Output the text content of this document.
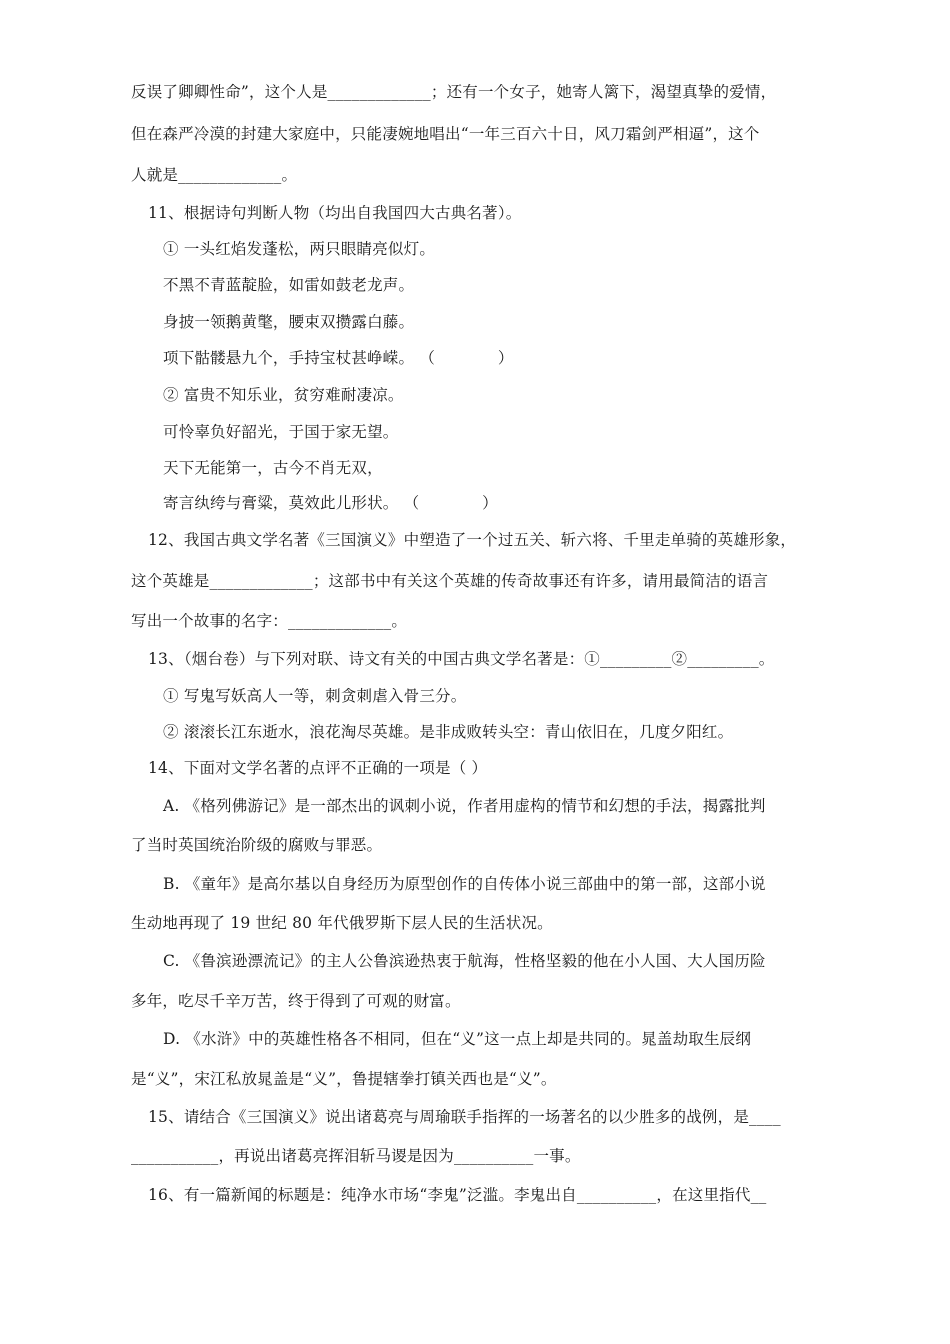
反误了卿卿性命”，这个人是_____________；还有一个女子，她寄人篱下，渴望真挚的爱情，
但在森严冷漠的封建大家庭中，只能凄婉地唱出“一年三百六十日，风刀霜剑严相逼”，这个
人就是_____________。
11、根据诗句判断人物（均出自我国四大古典名著）。
① 一头红焰发蓬松，两只眼睛亮似灯。
不黑不青蓝靛脸，如雷如鼓老龙声。
身披一领鹅黄氅，腰束双攒露白藤。
项下骷髅悬九个，手持宝杖甚峥嵘。 （　　　　）
② 富贵不知乐业，贫穷难耐凄凉。
可怜辜负好韶光，于国于家无望。
天下无能第一，古今不肖无双，
寄言纨绔与膏粱，莫效此儿形状。 （　　　　）
12、我国古典文学名著《三国演义》中塑造了一个过五关、斩六将、千里走单骑的英雄形象，
这个英雄是_____________；这部书中有关这个英雄的传奇故事还有许多，请用最简洁的语言
写出一个故事的名字：_____________。
13、（烟台卷）与下列对联、诗文有关的中国古典文学名著是：①_________②_________。
① 写鬼写妖高人一等，刺贪刺虐入骨三分。
② 滚滚长江东逝水，浪花淘尽英雄。是非成败转头空：青山依旧在，几度夕阳红。
14、下面对文学名著的点评不正确的一项是（ ）
A. 《格列佛游记》是一部杰出的讽刺小说，作者用虚构的情节和幻想的手法，揭露批判
了当时英国统治阶级的腐败与罪恶。
B. 《童年》是高尔基以自身经历为原型创作的自传体小说三部曲中的第一部，这部小说
生动地再现了 19 世纪 80 年代俄罗斯下层人民的生活状况。
C. 《鲁滨逊漂流记》的主人公鲁滨逊热衷于航海，性格坚毅的他在小人国、大人国历险
多年，吃尽千辛万苦，终于得到了可观的财富。
D. 《水浒》中的英雄性格各不相同，但在“义”这一点上却是共同的。晁盖劫取生辰纲
是“义”，宋江私放晁盖是“义”，鲁提辖拳打镇关西也是“义”。
15、请结合《三国演义》说出诸葛亮与周瑜联手指挥的一场著名的以少胜多的战例，是____
___________，再说出诸葛亮挥泪斩马谡是因为__________一事。
16、有一篇新闻的标题是：纯净水市场“李鬼”泛滥。李鬼出自__________，在这里指代__
